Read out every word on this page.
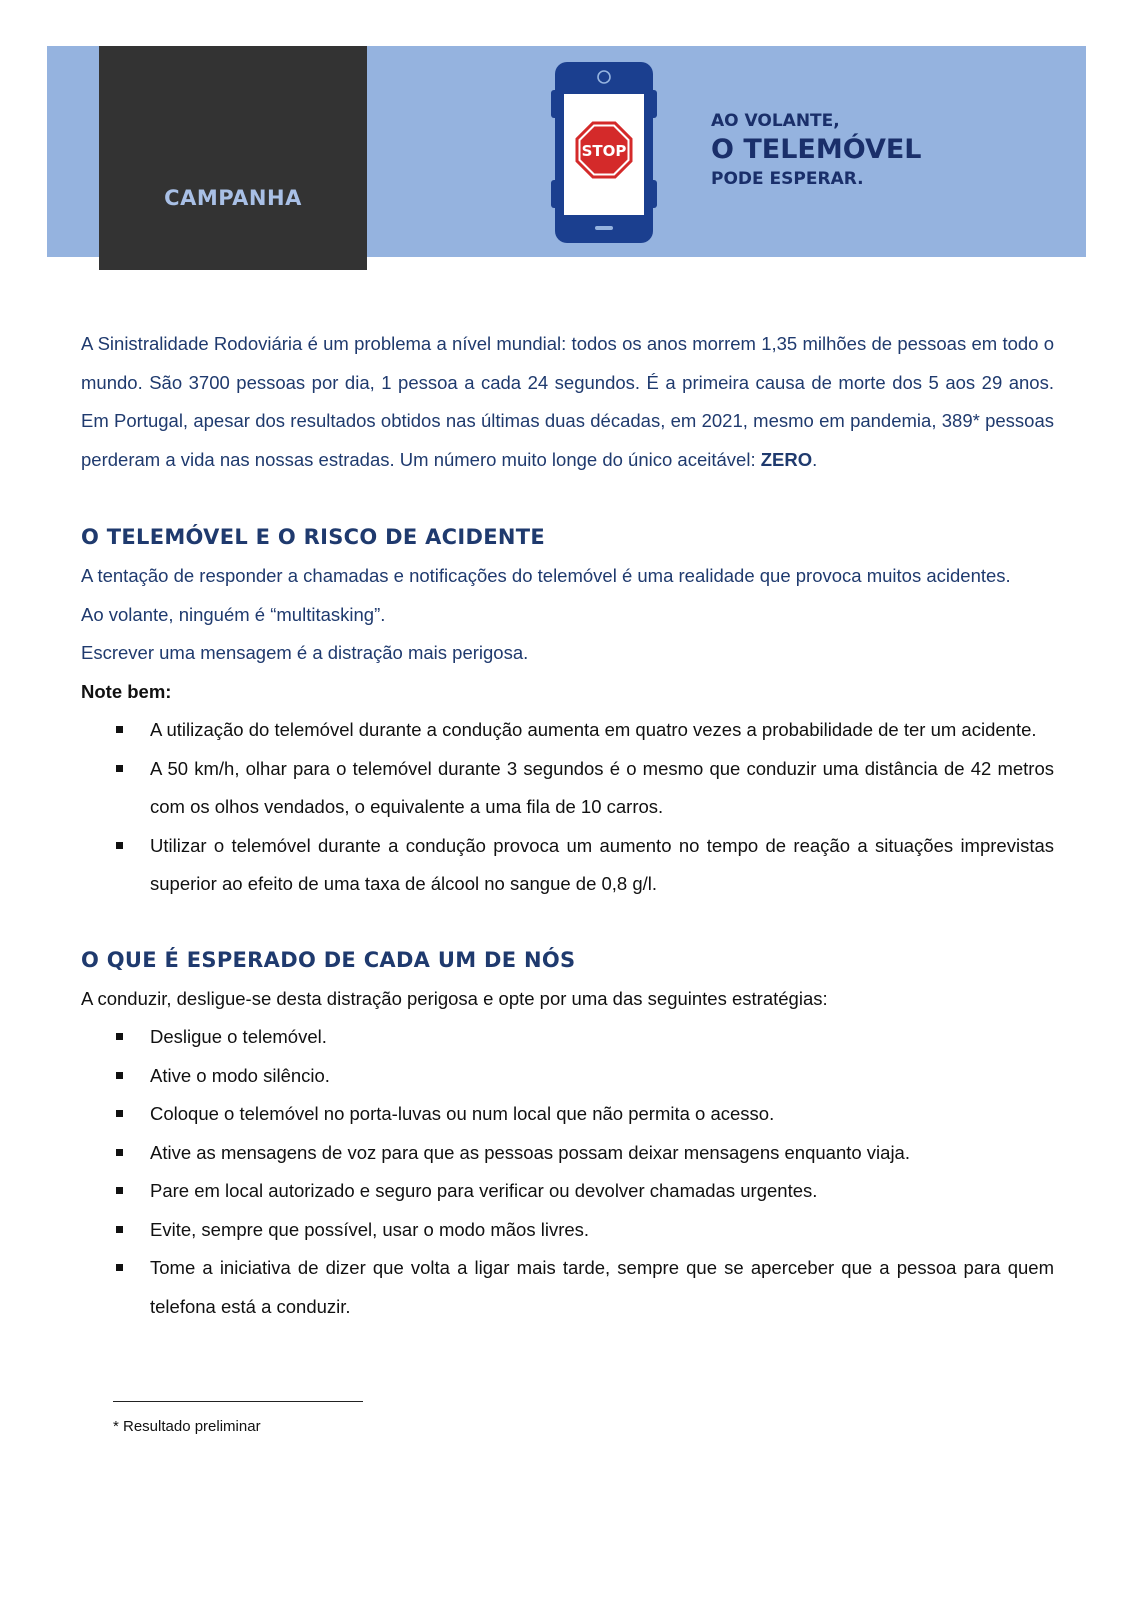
CAMPANHA
STOP
AO VOLANTE,
O TELEMÓVEL
PODE ESPERAR.

A Sinistralidade Rodoviária é um problema a nível mundial: todos os anos morrem 1,35 milhões de pessoas em todo o mundo. São 3700 pessoas por dia, 1 pessoa a cada 24 segundos. É a primeira causa de morte dos 5 aos 29 anos. Em Portugal, apesar dos resultados obtidos nas últimas duas décadas, em 2021, mesmo em pandemia, 389* pessoas perderam a vida nas nossas estradas. Um número muito longe do único aceitável: ZERO.

O TELEMÓVEL E O RISCO DE ACIDENTE

A tentação de responder a chamadas e notificações do telemóvel é uma realidade que provoca muitos acidentes.

Ao volante, ninguém é “multitasking”.

Escrever uma mensagem é a distração mais perigosa.

Note bem:

A utilização do telemóvel durante a condução aumenta em quatro vezes a probabilidade de ter um acidente.
A 50 km/h, olhar para o telemóvel durante 3 segundos é o mesmo que conduzir uma distância de 42 metros com os olhos vendados, o equivalente a uma fila de 10 carros.
Utilizar o telemóvel durante a condução provoca um aumento no tempo de reação a situações imprevistas superior ao efeito de uma taxa de álcool no sangue de 0,8 g/l.
O QUE É ESPERADO DE CADA UM DE NÓS

A conduzir, desligue-se desta distração perigosa e opte por uma das seguintes estratégias:

Desligue o telemóvel.
Ative o modo silêncio.
Coloque o telemóvel no porta-luvas ou num local que não permita o acesso.
Ative as mensagens de voz para que as pessoas possam deixar mensagens enquanto viaja.
Pare em local autorizado e seguro para verificar ou devolver chamadas urgentes.
Evite, sempre que possível, usar o modo mãos livres.
Tome a iniciativa de dizer que volta a ligar mais tarde, sempre que se aperceber que a pessoa para quem telefona está a conduzir.
* Resultado preliminar
